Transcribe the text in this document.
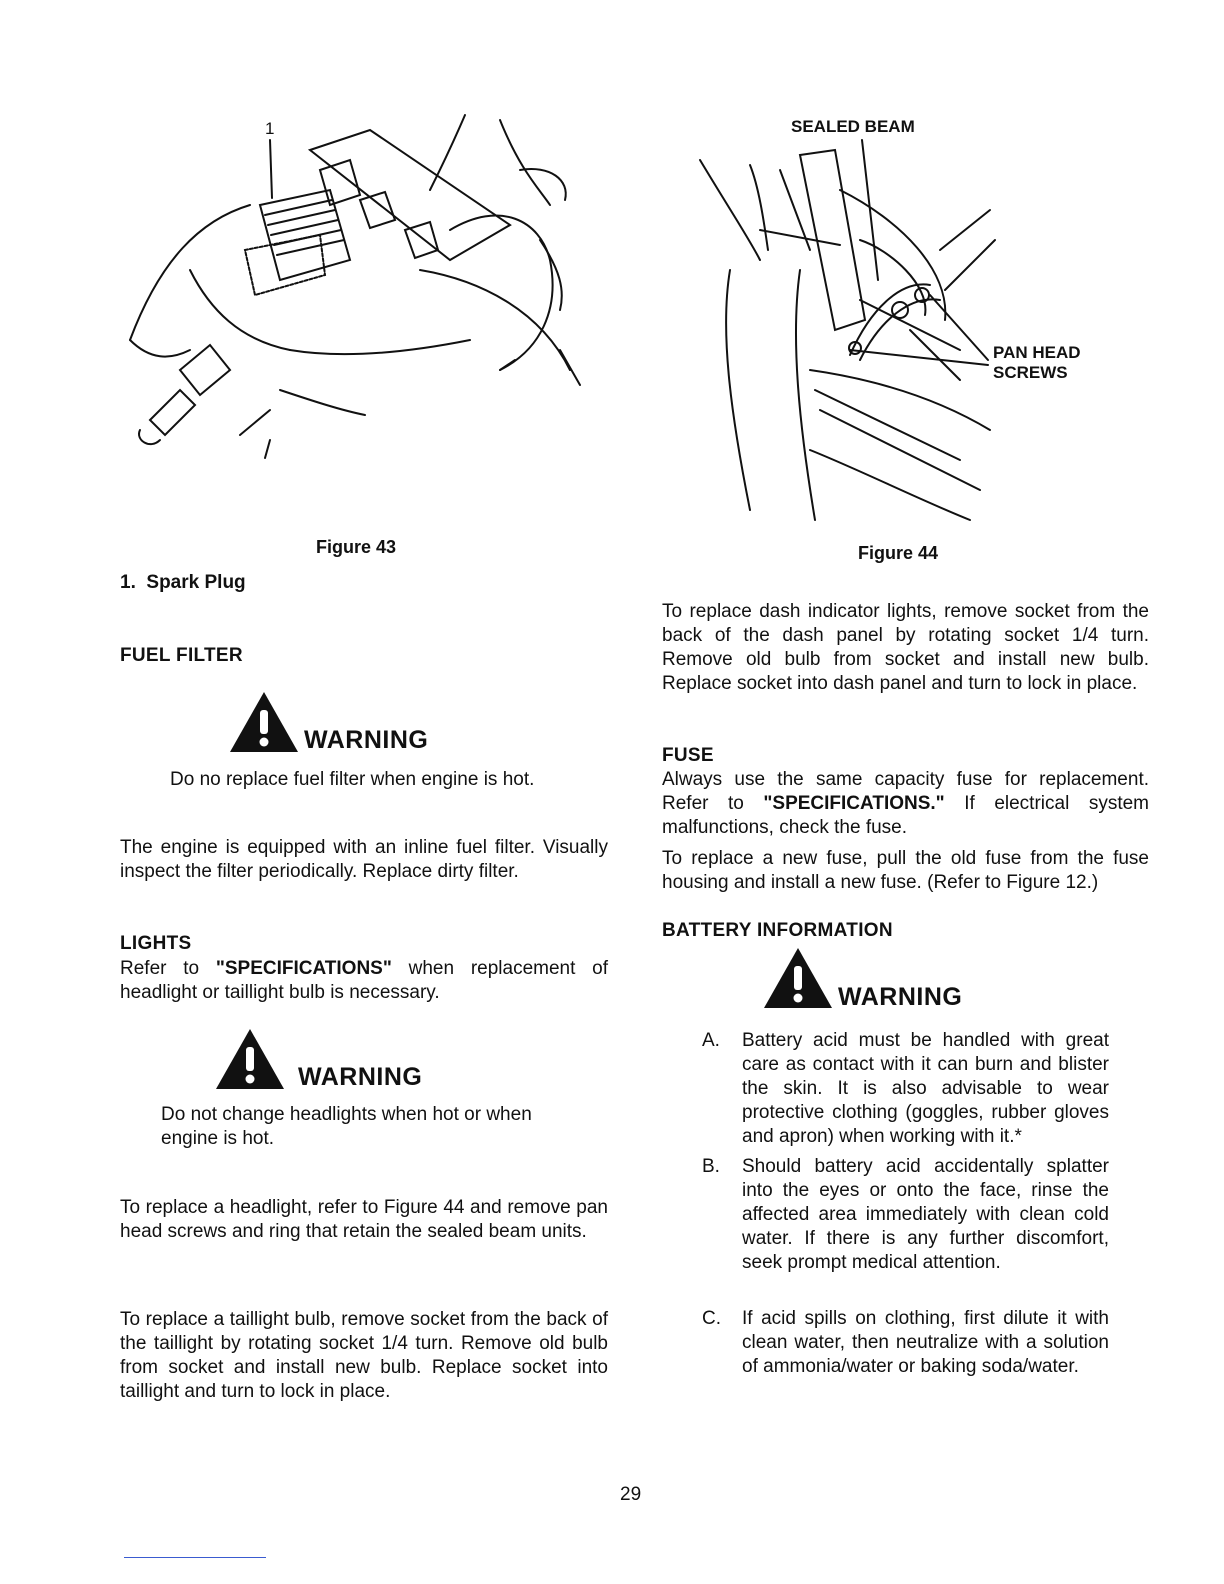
1
Figure 43
1.  Spark Plug
FUEL FILTER
WARNING
Do no replace fuel filter when engine is hot.
The engine is equipped with an inline fuel filter. Visually inspect the filter periodically. Replace dirty filter.
LIGHTS
Refer to "SPECIFICATIONS" when replacement of headlight or taillight bulb is necessary.
WARNING
Do not change headlights when hot or when engine is hot.
To replace a headlight, refer to Figure 44 and remove pan head screws and ring that retain the sealed beam units.
To replace a taillight bulb, remove socket from the back of the taillight by rotating socket 1/4 turn. Remove old bulb from socket and install new bulb. Replace socket into taillight and turn to lock in place.
SEALED BEAM
PAN HEAD
SCREWS
Figure 44
To replace dash indicator lights, remove socket from the back of the dash panel by rotating socket 1/4 turn. Remove old bulb from socket and install new bulb. Replace socket into dash panel and turn to lock in place.
FUSE
Always use the same capacity fuse for replacement. Refer to "SPECIFICATIONS." If electrical system malfunctions, check the fuse.
To replace a new fuse, pull the old fuse from the fuse housing and install a new fuse. (Refer to Figure 12.)
BATTERY INFORMATION
WARNING
A. Battery acid must be handled with great care as contact with it can burn and blister the skin. It is also advisable to wear protective clothing (goggles, rubber gloves and apron) when working with it.*
B. Should battery acid accidentally splatter into the eyes or onto the face, rinse the affected area immediately with clean cold water. If there is any further discomfort, seek prompt medical attention.
C. If acid spills on clothing, first dilute it with clean water, then neutralize with a solution of ammonia/water or baking soda/water.
29
